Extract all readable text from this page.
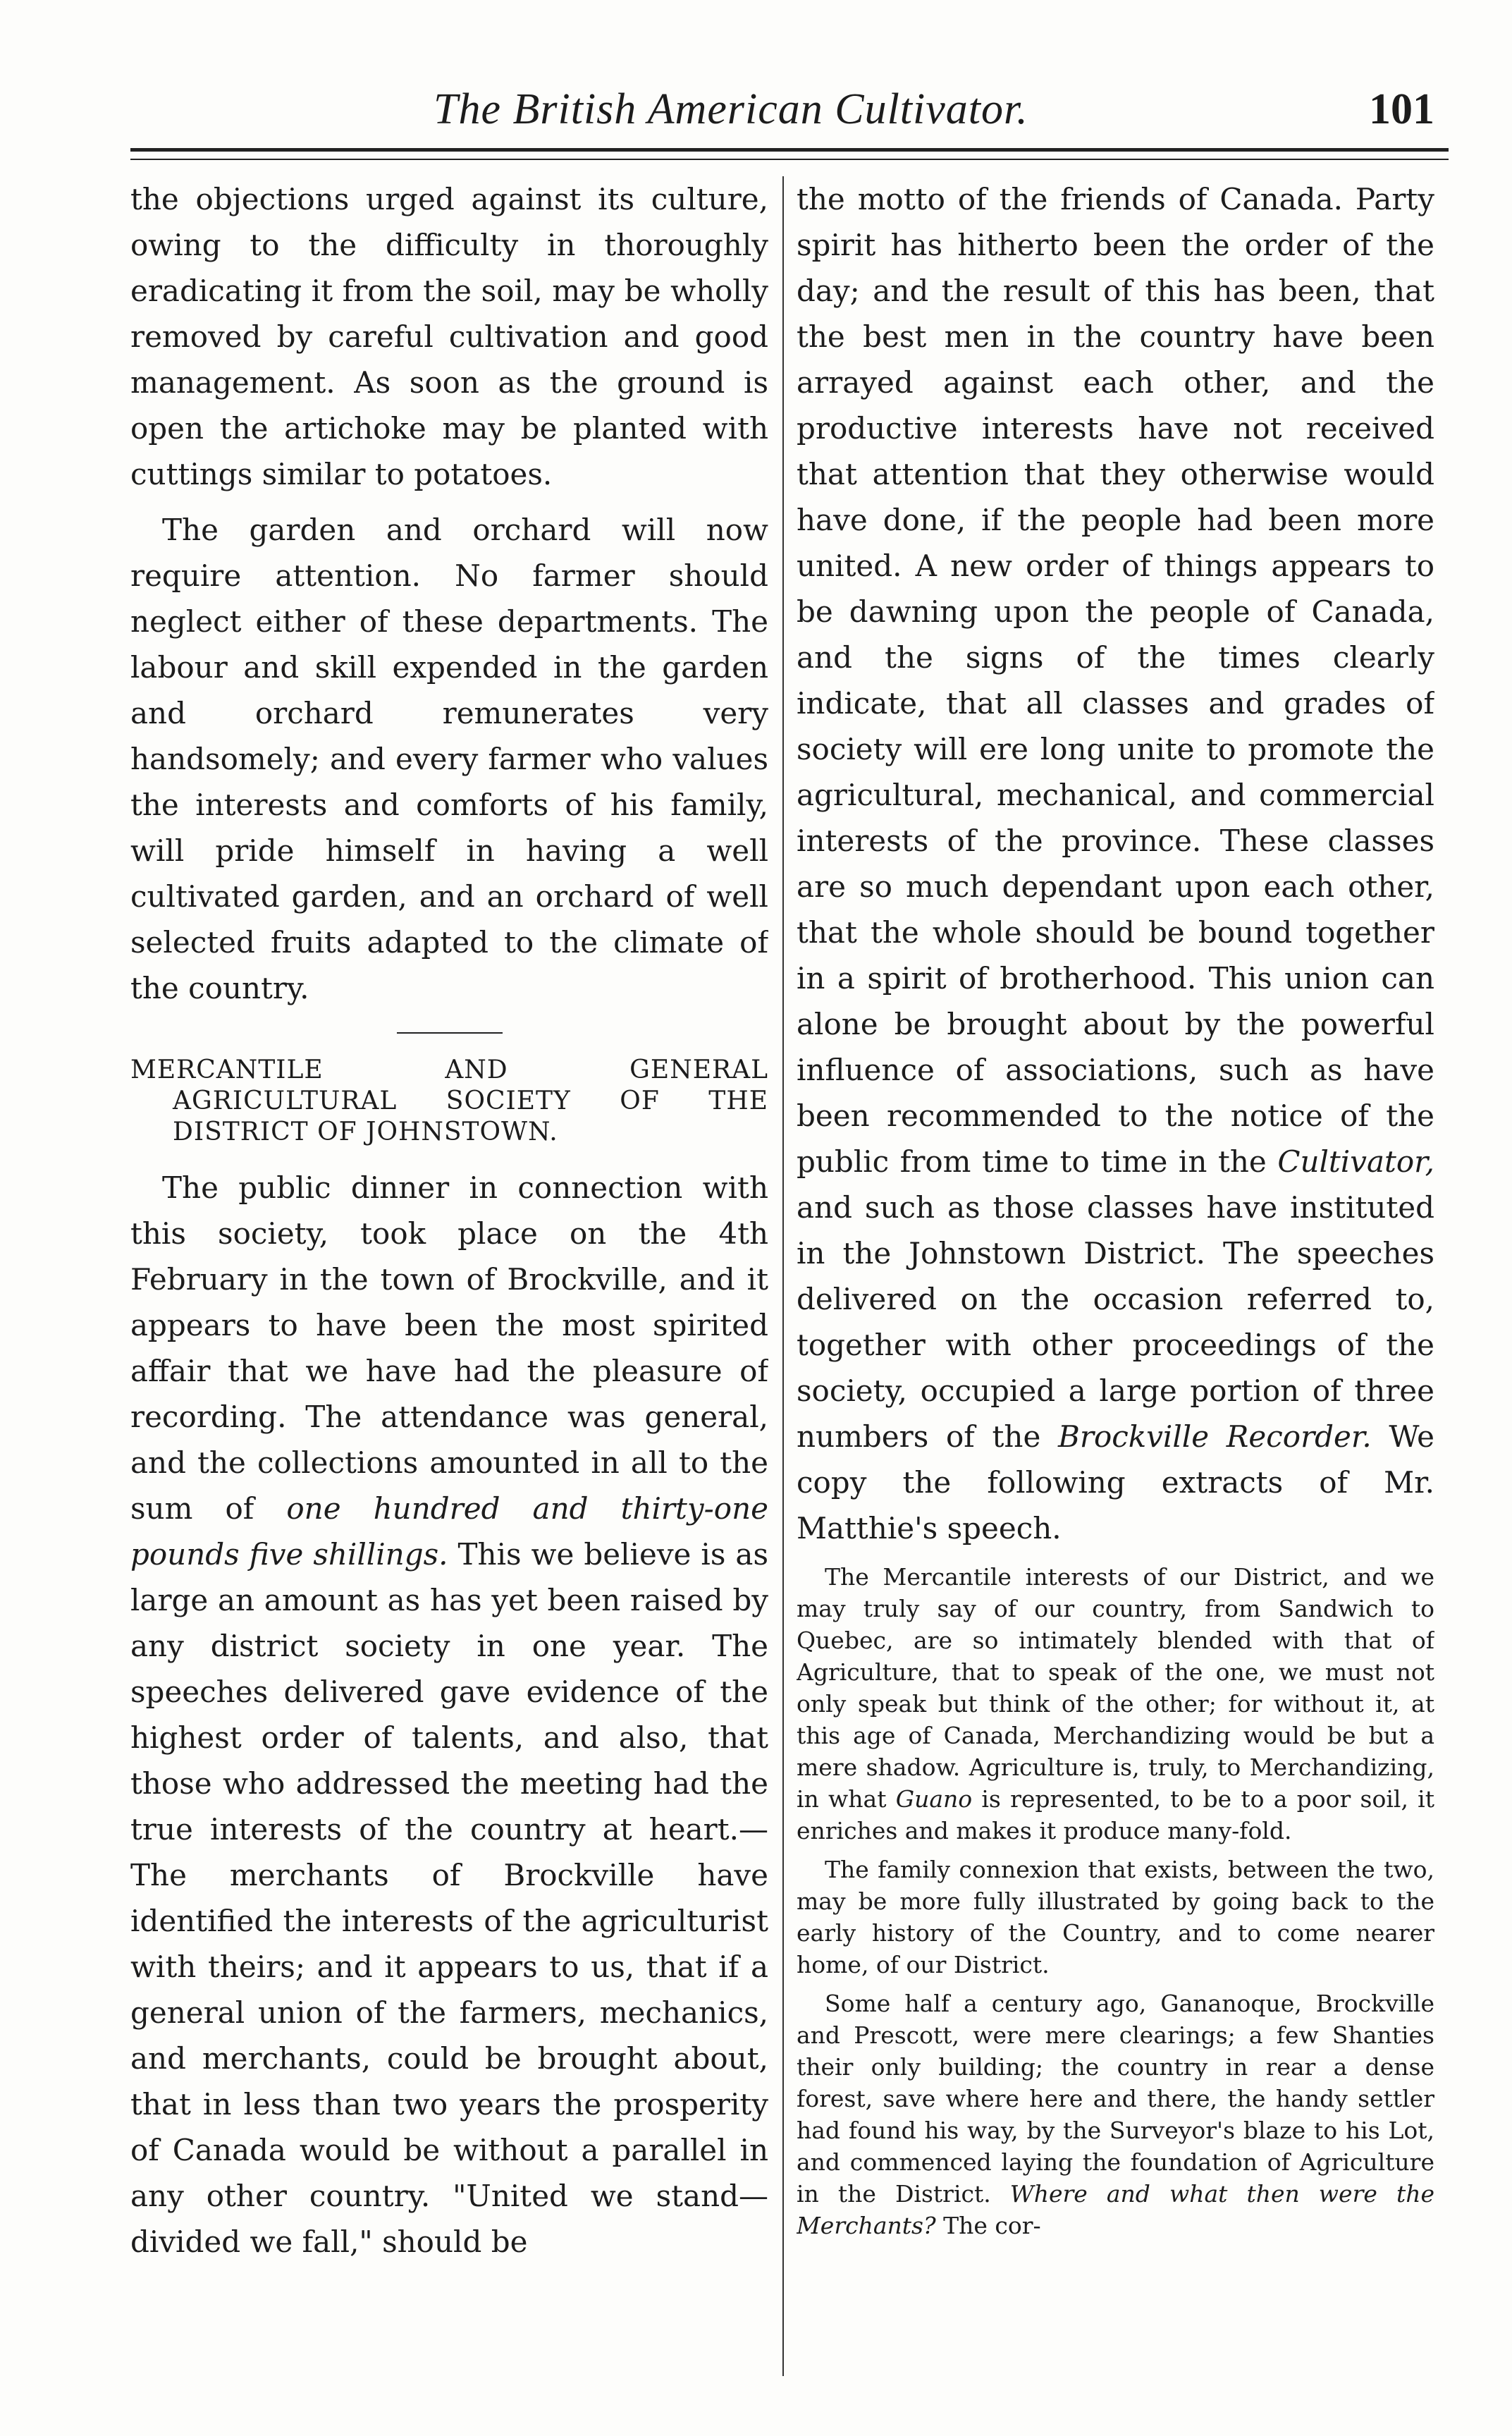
The British American Cultivator.	101

the objections urged against its culture, owing to the difficulty in thoroughly eradicating it from the soil, may be wholly removed by careful cultivation and good management. As soon as the ground is open the artichoke may be planted with cuttings similar to potatoes.

The garden and orchard will now require attention. No farmer should neglect either of these departments. The labour and skill expended in the garden and orchard remunerates very handsomely; and every farmer who values the interests and comforts of his family, will pride himself in having a well cultivated garden, and an orchard of well selected fruits adapted to the climate of the country.

MERCANTILE AND GENERAL AGRICULTURAL SOCIETY OF THE DISTRICT OF JOHNSTOWN.

The public dinner in connection with this society, took place on the 4th February in the town of Brockville, and it appears to have been the most spirited affair that we have had the pleasure of recording. The attendance was general, and the collections amounted in all to the sum of one hundred and thirty-one pounds five shillings. This we believe is as large an amount as has yet been raised by any district society in one year. The speeches delivered gave evidence of the highest order of talents, and also, that those who addressed the meeting had the true interests of the country at heart.—The merchants of Brockville have identified the interests of the agriculturist with theirs; and it appears to us, that if a general union of the farmers, mechanics, and merchants, could be brought about, that in less than two years the prosperity of Canada would be without a parallel in any other country. "United we stand—divided we fall," should be

the motto of the friends of Canada. Party spirit has hitherto been the order of the day; and the result of this has been, that the best men in the country have been arrayed against each other, and the productive interests have not received that attention that they otherwise would have done, if the people had been more united. A new order of things appears to be dawning upon the people of Canada, and the signs of the times clearly indicate, that all classes and grades of society will ere long unite to promote the agricultural, mechanical, and commercial interests of the province. These classes are so much dependant upon each other, that the whole should be bound together in a spirit of brotherhood. This union can alone be brought about by the powerful influence of associations, such as have been recommended to the notice of the public from time to time in the Cultivator, and such as those classes have instituted in the Johnstown District. The speeches delivered on the occasion referred to, together with other proceedings of the society, occupied a large portion of three numbers of the Brockville Recorder. We copy the following extracts of Mr. Matthie's speech.

The Mercantile interests of our District, and we may truly say of our country, from Sandwich to Quebec, are so intimately blended with that of Agriculture, that to speak of the one, we must not only speak but think of the other; for without it, at this age of Canada, Merchandizing would be but a mere shadow. Agriculture is, truly, to Merchandizing, in what Guano is represented, to be to a poor soil, it enriches and makes it produce many-fold.

The family connexion that exists, between the two, may be more fully illustrated by going back to the early history of the Country, and to come nearer home, of our District.

Some half a century ago, Gananoque, Brockville and Prescott, were mere clearings; a few Shanties their only building; the country in rear a dense forest, save where here and there, the handy settler had found his way, by the Surveyor's blaze to his Lot, and commenced laying the foundation of Agriculture in the District. Where and what then were the Merchants? The cor-
